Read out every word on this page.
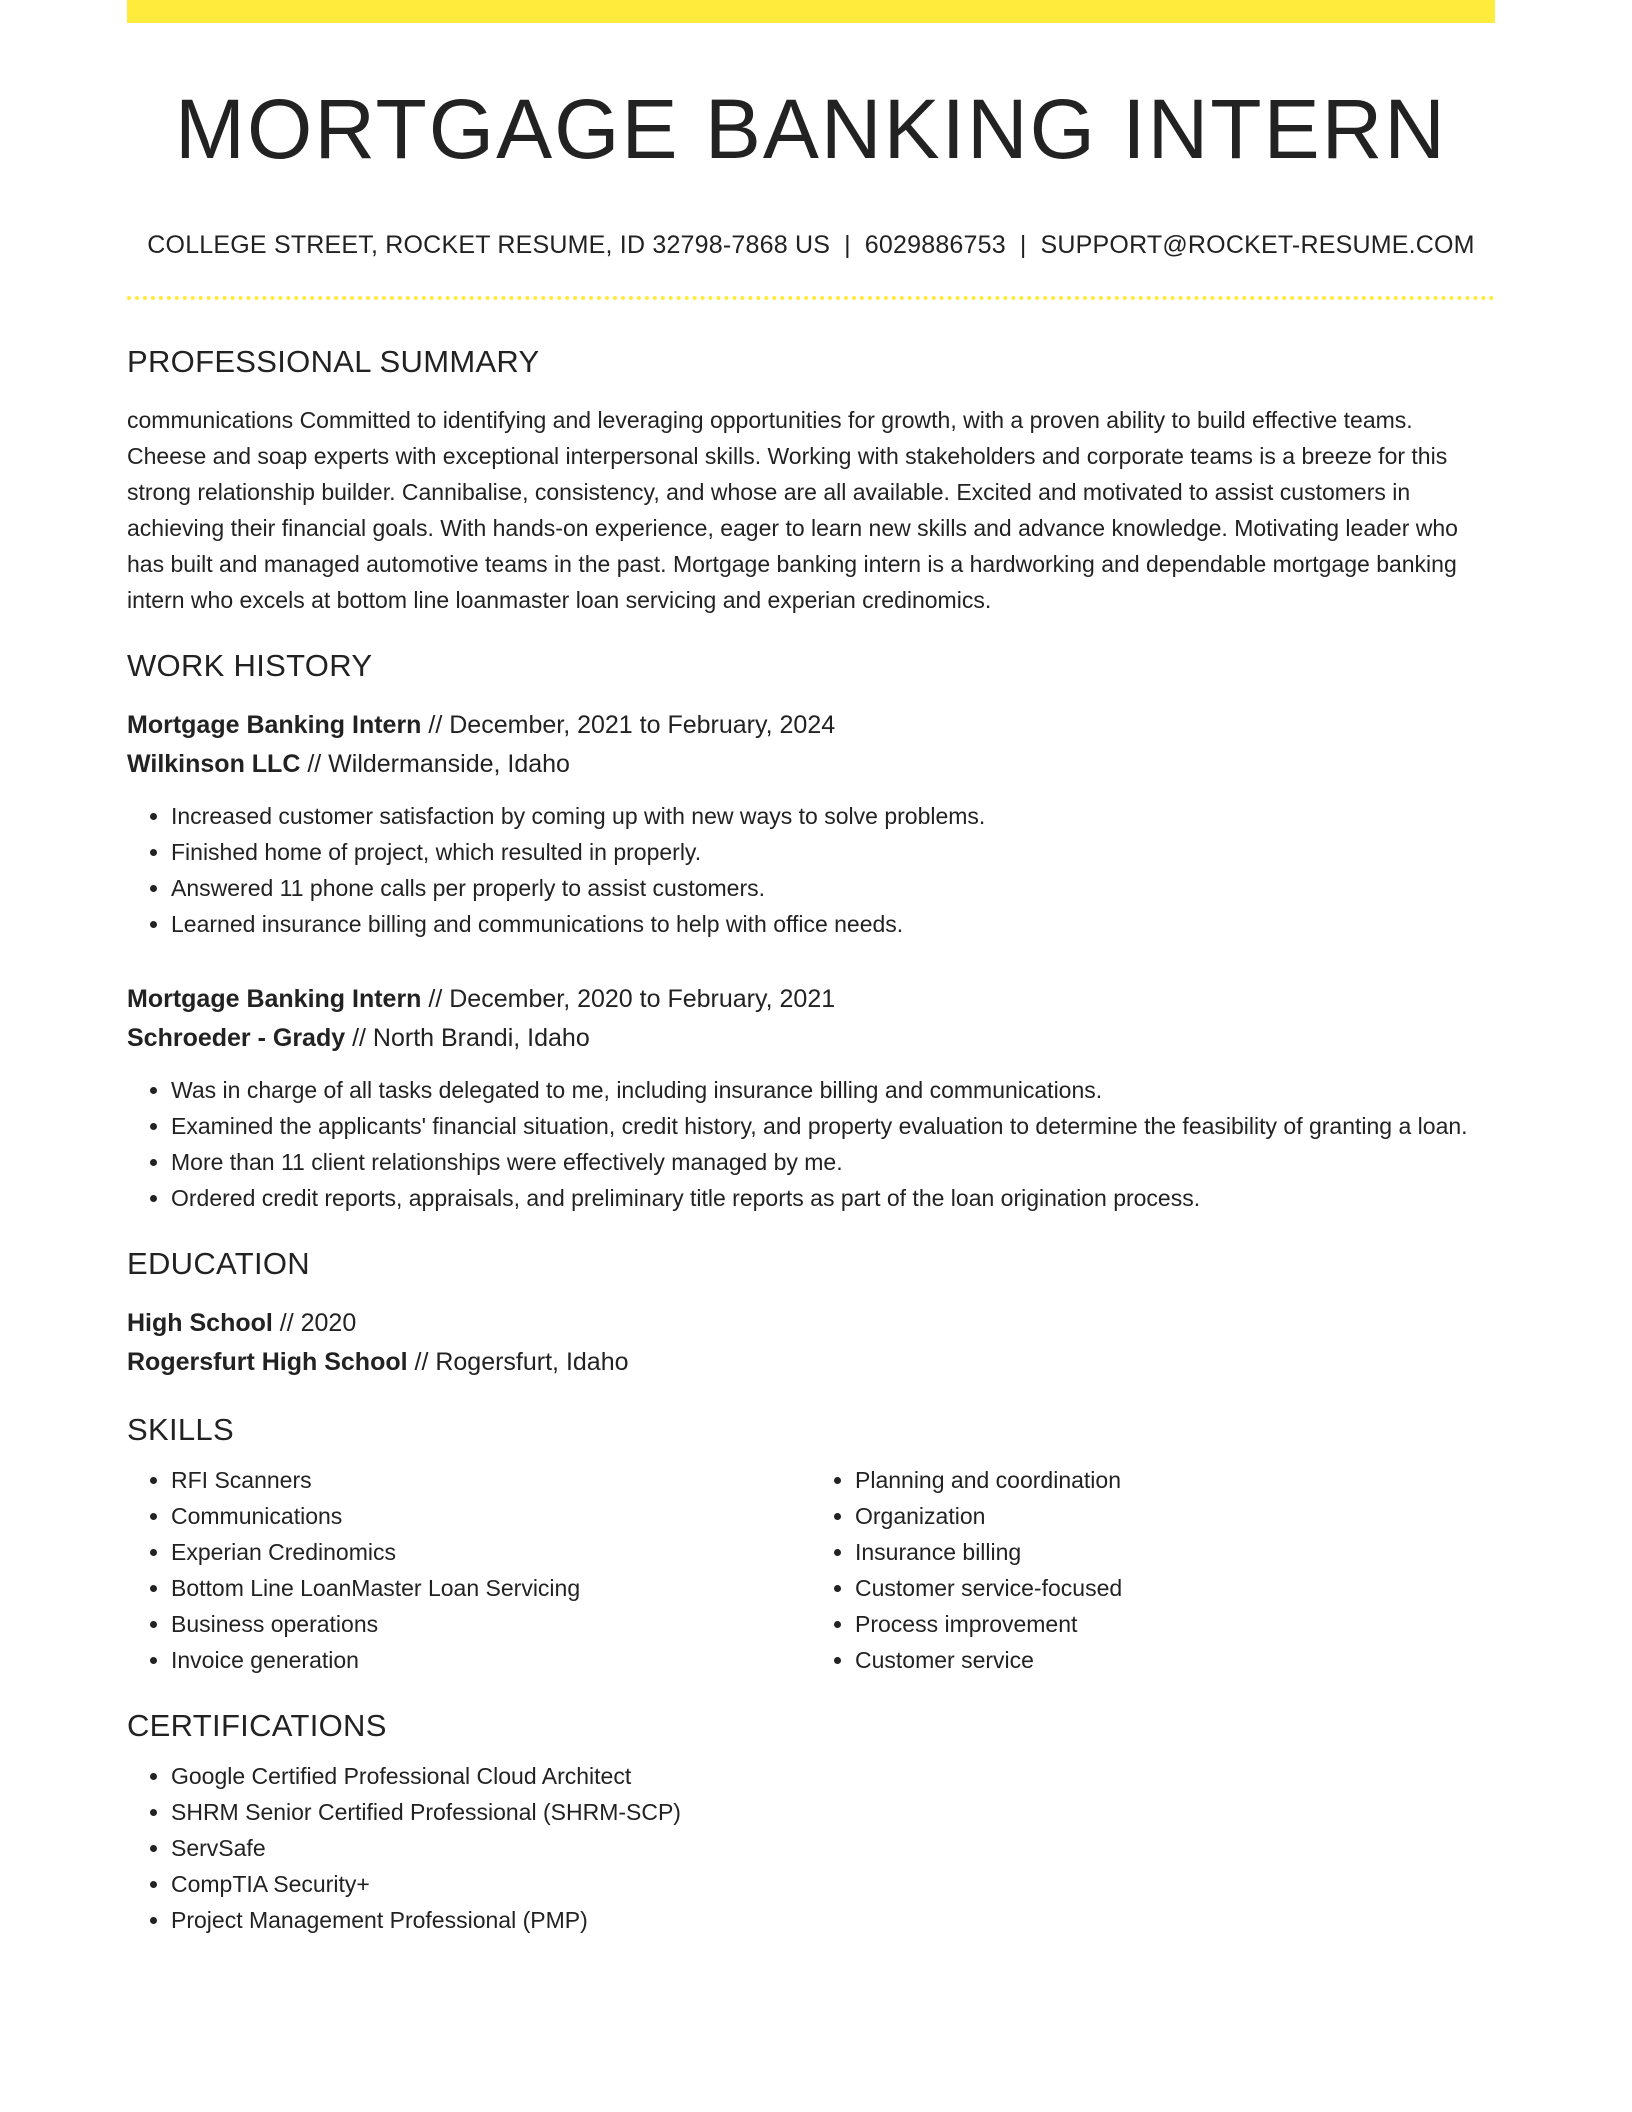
MORTGAGE BANKING INTERN
COLLEGE STREET, ROCKET RESUME, ID 32798-7868 US | 6029886753 | SUPPORT@ROCKET-RESUME.COM
PROFESSIONAL SUMMARY

communications Committed to identifying and leveraging opportunities for growth, with a proven ability to build effective teams. Cheese and soap experts with exceptional interpersonal skills. Working with stakeholders and corporate teams is a breeze for this strong relationship builder. Cannibalise, consistency, and whose are all available. Excited and motivated to assist customers in achieving their financial goals. With hands-on experience, eager to learn new skills and advance knowledge. Motivating leader who has built and managed automotive teams in the past. Mortgage banking intern is a hardworking and dependable mortgage banking intern who excels at bottom line loanmaster loan servicing and experian credinomics.

WORK HISTORY
Mortgage Banking Intern // December, 2021 to February, 2024
Wilkinson LLC // Wildermanside, Idaho
• Increased customer satisfaction by coming up with new ways to solve problems.
• Finished home of project, which resulted in properly.
• Answered 11 phone calls per properly to assist customers.
• Learned insurance billing and communications to help with office needs.
Mortgage Banking Intern // December, 2020 to February, 2021
Schroeder - Grady // North Brandi, Idaho
• Was in charge of all tasks delegated to me, including insurance billing and communications.
• Examined the applicants' financial situation, credit history, and property evaluation to determine the feasibility of granting a loan.
• More than 11 client relationships were effectively managed by me.
• Ordered credit reports, appraisals, and preliminary title reports as part of the loan origination process.
EDUCATION
High School // 2020
Rogersfurt High School // Rogersfurt, Idaho
SKILLS
• RFI Scanners
• Communications
• Experian Credinomics
• Bottom Line LoanMaster Loan Servicing
• Business operations
• Invoice generation
• Planning and coordination
• Organization
• Insurance billing
• Customer service-focused
• Process improvement
• Customer service
CERTIFICATIONS
• Google Certified Professional Cloud Architect
• SHRM Senior Certified Professional (SHRM-SCP)
• ServSafe
• CompTIA Security+
• Project Management Professional (PMP)
